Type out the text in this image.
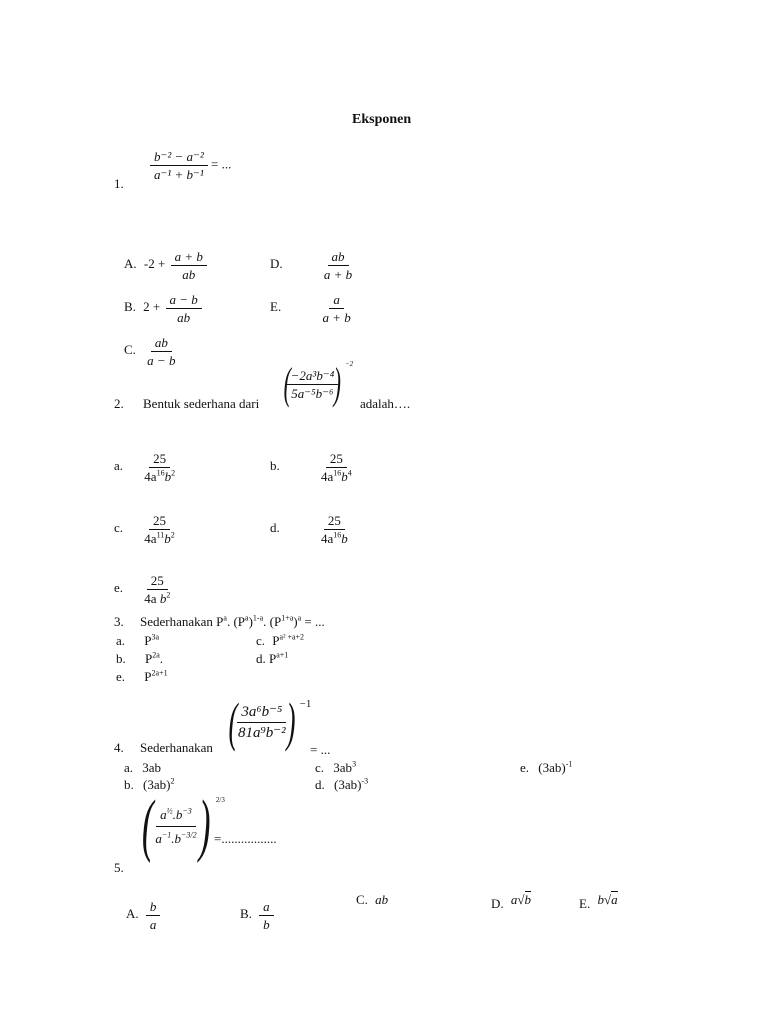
Eksponen
1.
$\frac{\text{b⁻² − a⁻²}}{\text{a⁻¹ + b⁻¹}}$ = ...
A. $-2 + \frac{a + b}{ab}$
B. $2 + \frac{a - b}{ab}$
C. $\frac{ab}{a - b}$
D.	$\frac{ab}{a + b}$
E.	$\frac{a}{a + b}$
2. Bentuk sederhana dari (
$\frac{\text{−2a³b⁻⁴}}{\text{5a⁻⁵b⁻⁶}}$
) $^{-2}$
adalah….
a. $\frac{25}{4a^{16}b^2}$	b.	$\frac{25}{4a^{16}b^4}$
c. $\frac{25}{4a^{11}b^2}$	d.	$\frac{25}{4a^{16}b}$
e. $\frac{25}{4a b^2}$
3. Sederhanakan $P^a$. $(P^a)^{1-a}$. $(P^{1+a})^a$ = ...
a. $P^{3a}$
b. $P^{2a}$.
e. $P^{2a+1}$
c. $P^{a^2 +a+2}$
d. $P^{a+1}$
4. Sederhanakan (
$\frac{\text{3a⁶b⁻⁵}}{\text{81a⁹b⁻²}}$
) $^{-1}$
= ...
a. 3ab
b. $(3ab)^2$
c. $3ab^3$
d. $(3ab)^{-3}$
e. $(3ab)^{-1}$
5.
(
$\frac{a^{\frac{1}{2}}.b^{-3}}{a^{-1}.b^{-3/2}}$
) $^{2/3}$
=.................
A. $\frac{b}{a}$	B. $\frac{a}{b}$	C. ab	D. a√b	E. b√a
